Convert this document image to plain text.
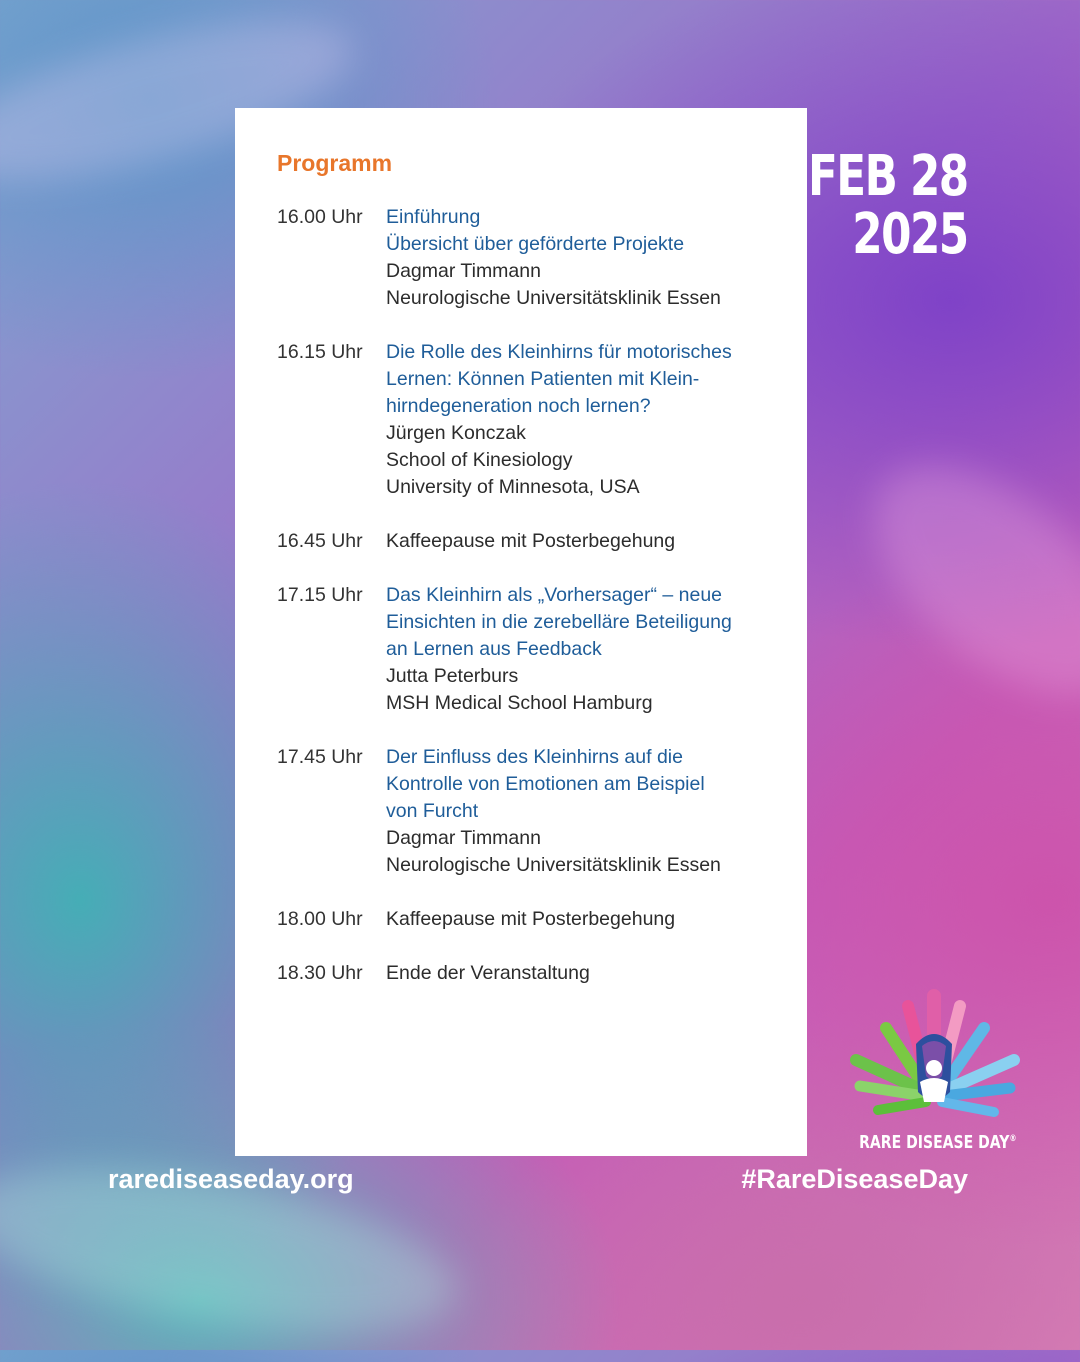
Programm
16.00 Uhr	Einführung
Übersicht über geförderte Projekte
Dagmar Timmann
Neurologische Universitätsklinik Essen
16.15 Uhr	Die Rolle des Kleinhirns für motorisches
Lernen: Können Patienten mit Klein-
hirndegeneration noch lernen?
Jürgen Konczak
School of Kinesiology
University of Minnesota, USA
16.45 Uhr	Kaffeepause mit Posterbegehung
17.15 Uhr	Das Kleinhirn als „Vorhersager“ – neue
Einsichten in die zerebelläre Beteiligung
an Lernen aus Feedback
Jutta Peterburs
MSH Medical School Hamburg
17.45 Uhr	Der Einfluss des Kleinhirns auf die
Kontrolle von Emotionen am Beispiel
von Furcht
Dagmar Timmann
Neurologische Universitätsklinik Essen
18.00 Uhr	Kaffeepause mit Posterbegehung
18.30 Uhr	Ende der Veranstaltung
FEB 28
2025
RARE DISEASE DAY®
rarediseaseday.org	#RareDiseaseDay
